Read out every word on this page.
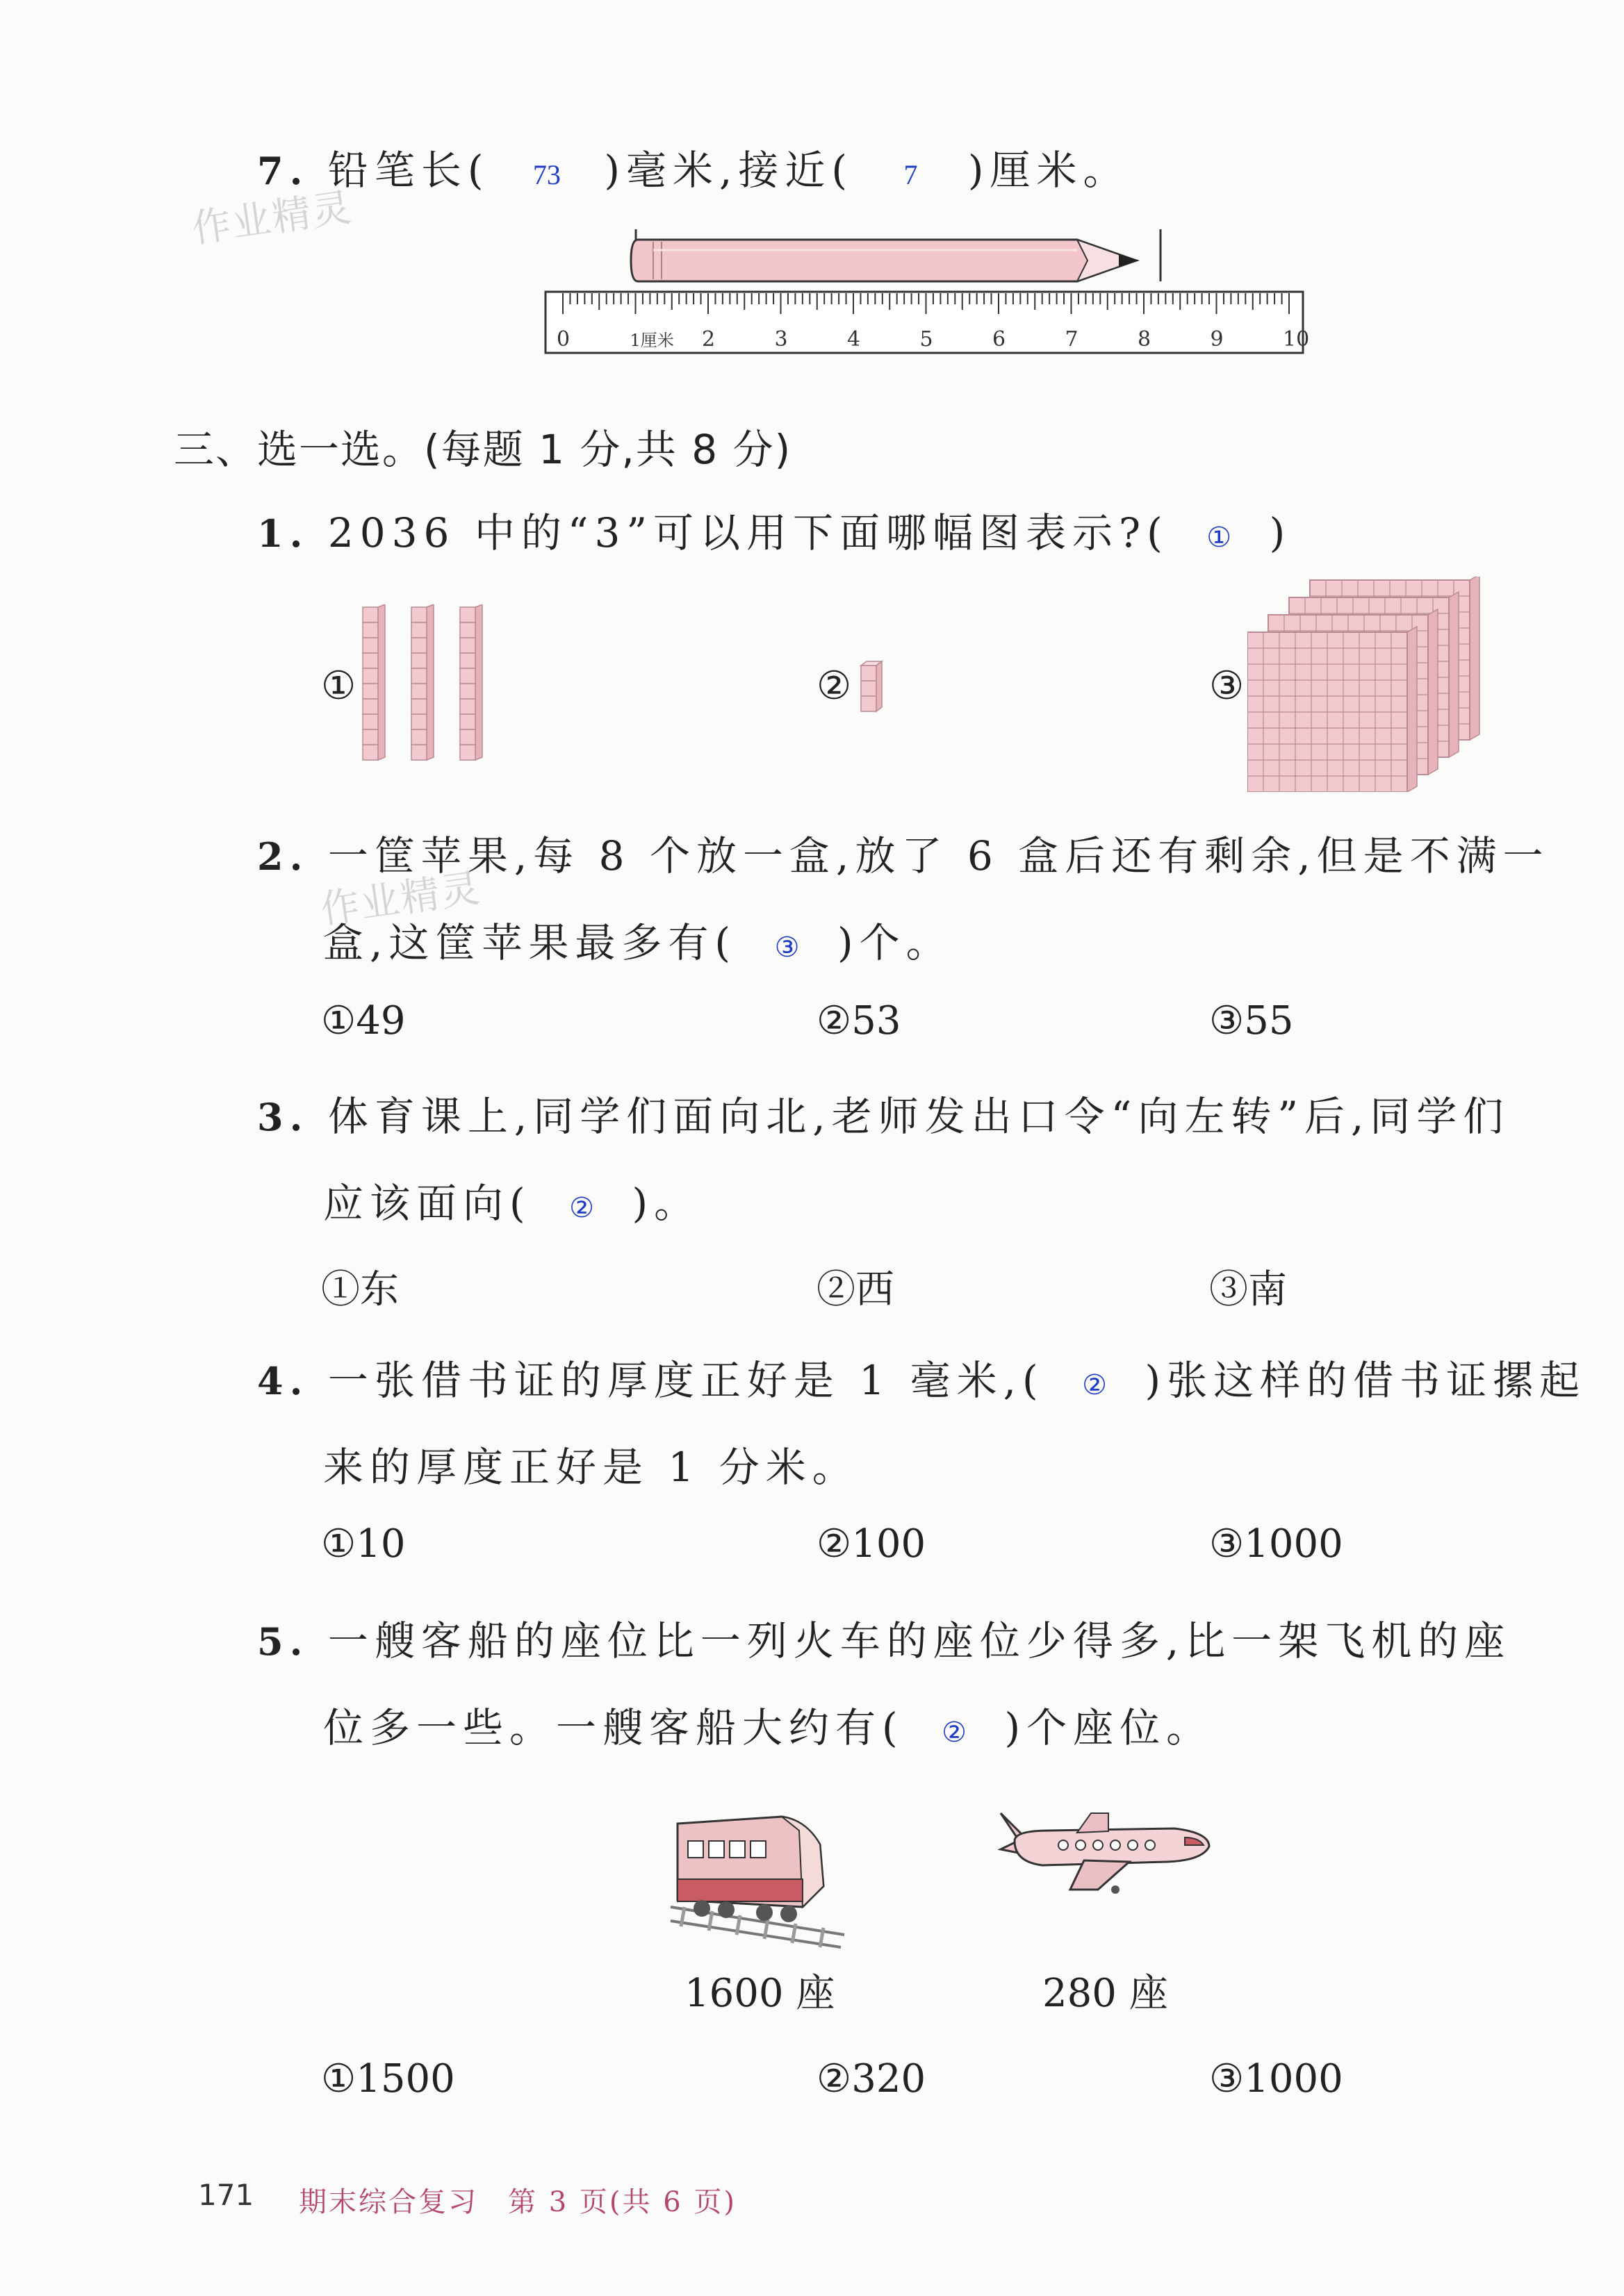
7. 铅笔长( 73 )毫米,接近( 7 )厘米。
作业精灵
0	1厘米 2	3	4	5	6	7	8	9	10
三、选一选。(每题 1 分,共 8 分)
1. 2036 中的“3”可以用下面哪幅图表示?( ① )
①	②	③
作业精灵
2. 一筐苹果,每 8 个放一盒,放了 6 盒后还有剩余,但是不满一
盒,这筐苹果最多有( ③ )个。
①49	②53	③55
3. 体育课上,同学们面向北,老师发出口令“向左转”后,同学们
应该面向( ② )。
①东	②西	③南
4. 一张借书证的厚度正好是 1 毫米,( ② )张这样的借书证摞起
来的厚度正好是 1 分米。
①10	②100	③1000
5. 一艘客船的座位比一列火车的座位少得多,比一架飞机的座
位多一些。一艘客船大约有( ② )个座位。
1600 座	280 座
①1500	②320	③1000
171 期末综合复习　第 3 页(共 6 页)
